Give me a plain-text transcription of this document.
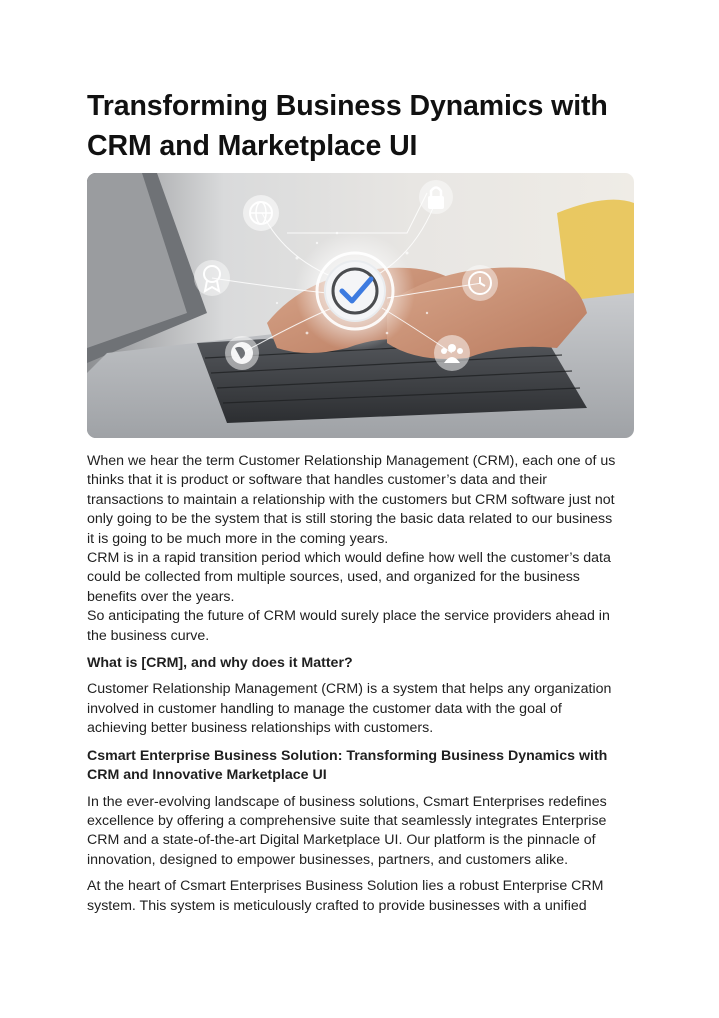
Transforming Business Dynamics with
CRM and Marketplace UI

When we hear the term Customer Relationship Management (CRM), each one of us
thinks that it is product or software that handles customer’s data and their
transactions to maintain a relationship with the customers but CRM software just not
only going to be the system that is still storing the basic data related to our business
it is going to be much more in the coming years.
CRM is in a rapid transition period which would define how well the customer’s data
could be collected from multiple sources, used, and organized for the business
benefits over the years.
So anticipating the future of CRM would surely place the service providers ahead in
the business curve.

What is [CRM], and why does it Matter?

Customer Relationship Management (CRM) is a system that helps any organization
involved in customer handling to manage the customer data with the goal of
achieving better business relationships with customers.

Csmart Enterprise Business Solution: Transforming Business Dynamics with
CRM and Innovative Marketplace UI

In the ever-evolving landscape of business solutions, Csmart Enterprises redefines
excellence by offering a comprehensive suite that seamlessly integrates Enterprise
CRM and a state-of-the-art Digital Marketplace UI. Our platform is the pinnacle of
innovation, designed to empower businesses, partners, and customers alike.

At the heart of Csmart Enterprises Business Solution lies a robust Enterprise CRM
system. This system is meticulously crafted to provide businesses with a unified
